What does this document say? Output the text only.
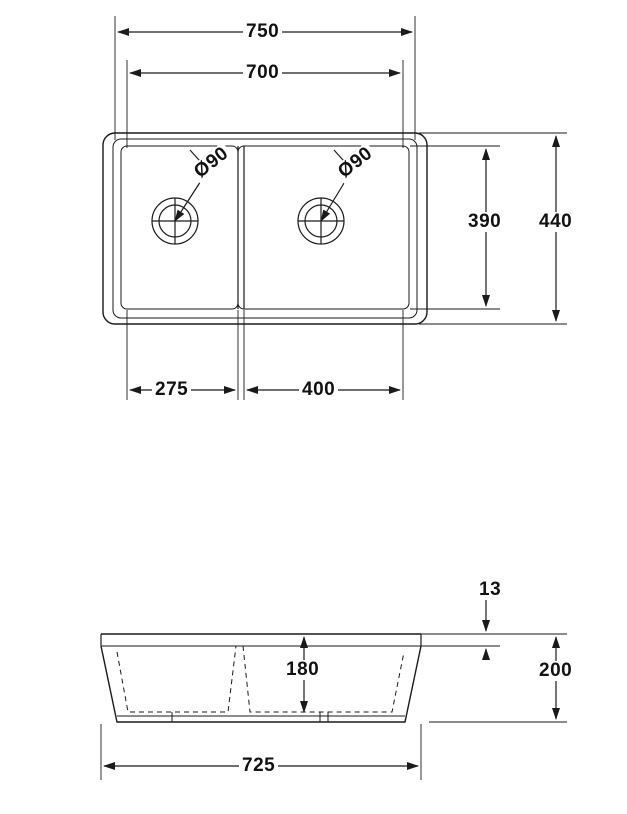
750
700
Ø90	Ø90
390 440
275	400
13
180	200
725
